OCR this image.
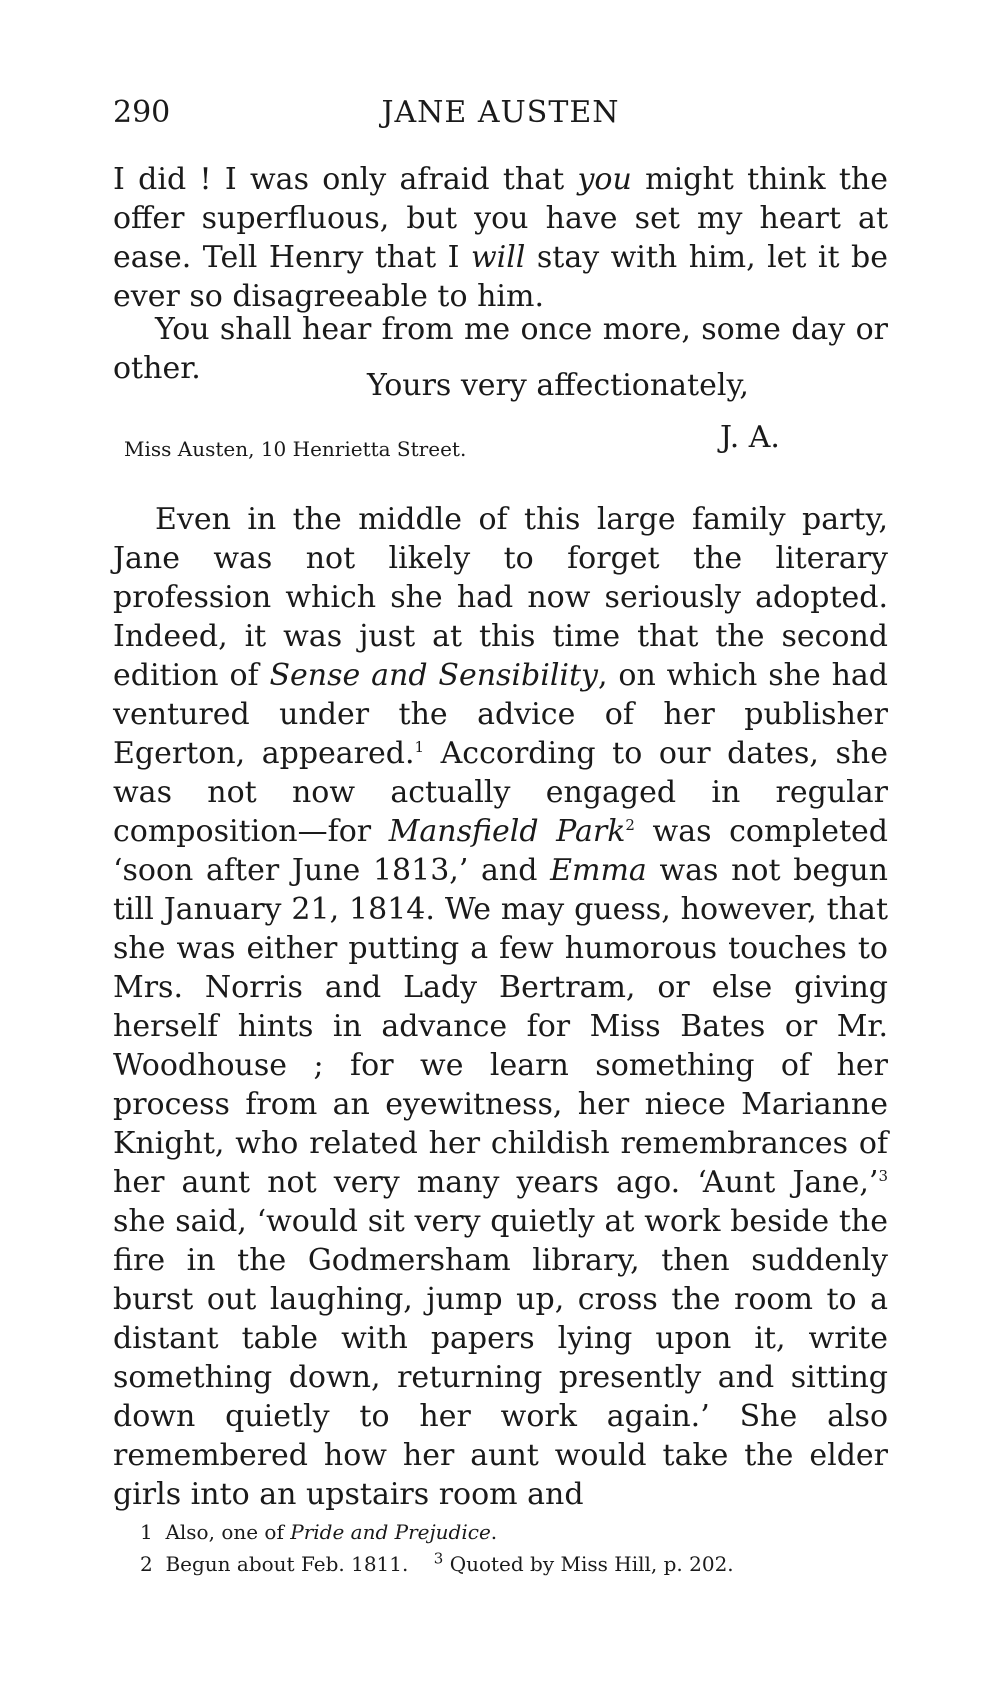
290	JANE AUSTEN

I did ! I was only afraid that you might think the offer superfluous, but you have set my heart at ease. Tell Henry that I will stay with him, let it be ever so disagreeable to him.

You shall hear from me once more, some day or other.	Yours very affectionately,
Miss Austen, 10 Henrietta Street.	J. A.

Even in the middle of this large family party, Jane was not likely to forget the literary profession which she had now seriously adopted. Indeed, it was just at this time that the second edition of Sense and Sensibility, on which she had ventured under the advice of her publisher Egerton, appeared.$^1$ According to our dates, she was not now actually engaged in regular composition—for Mansfield Park$^2$ was completed ‘soon after June 1813,’ and Emma was not begun till January 21, 1814. We may guess, however, that she was either putting a few humorous touches to Mrs. Norris and Lady Bertram, or else giving herself hints in advance for Miss Bates or Mr. Woodhouse ; for we learn something of her process from an eyewitness, her niece Marianne Knight, who related her childish remembrances of her aunt not very many years ago. ‘Aunt Jane,’$^3$ she said, ‘would sit very quietly at work beside the fire in the Godmersham library, then suddenly burst out laughing, jump up, cross the room to a distant table with papers lying upon it, write something down, returning presently and sitting down quietly to her work again.’ She also remembered how her aunt would take the elder girls into an upstairs room and

1 Also, one of Pride and Prejudice.
2 Begun about Feb. 1811. $^3$ Quoted by Miss Hill, p. 202.
